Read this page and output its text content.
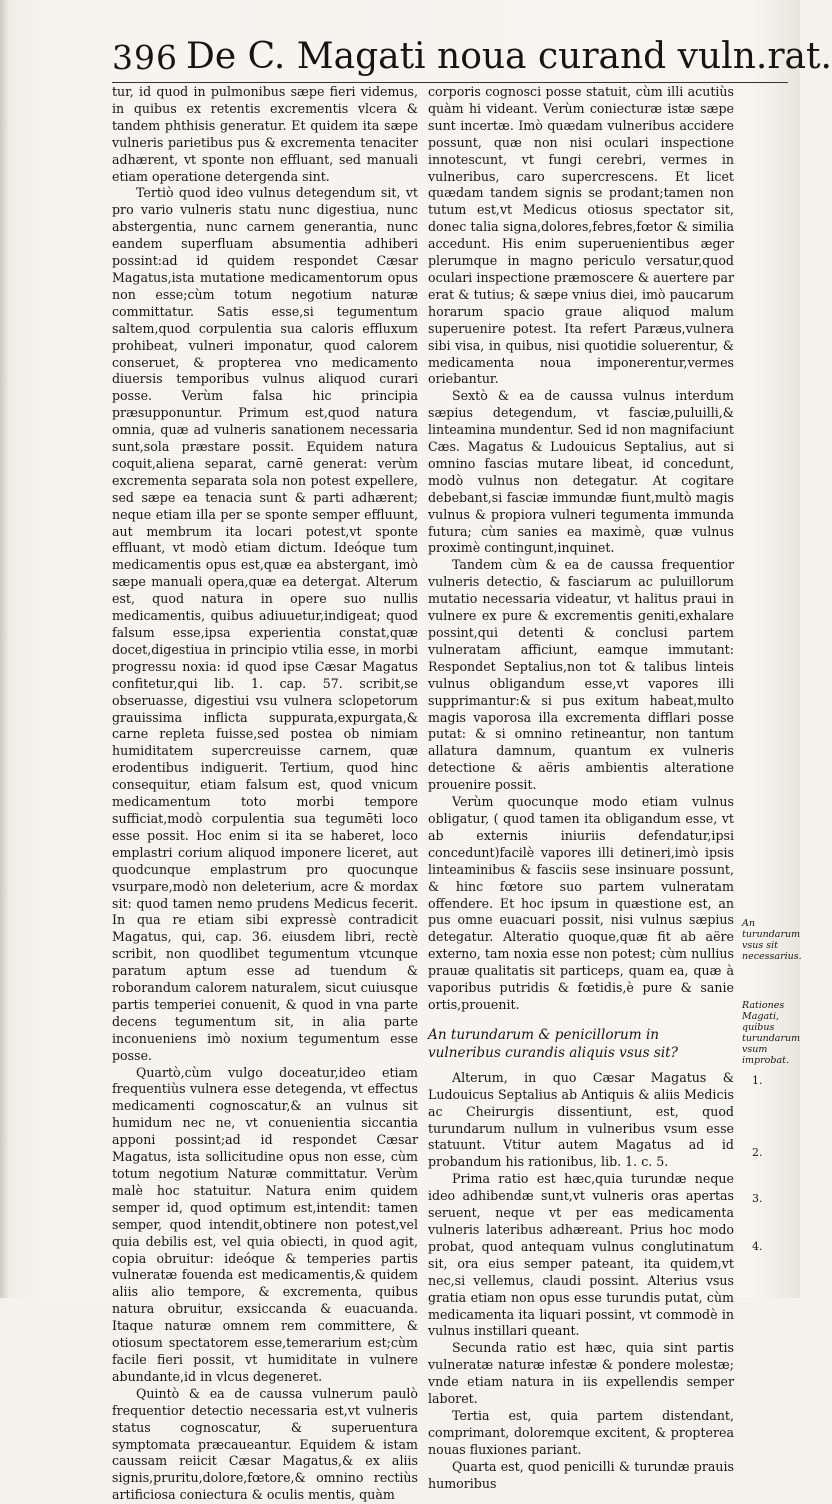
396 De C. Magati noua curand vuln.rat.

tur, id quod in pulmonibus sæpe fieri videmus, in quibus ex retentis excrementis vlcera & tandem phthisis generatur. Et quidem ita sæpe vulneris parietibus pus & excrementa tenaciter adhærent, vt sponte non effluant, sed manuali etiam operatione detergenda sint.

Tertiò quod ideo vulnus detegendum sit, vt pro vario vulneris statu nunc digestiua, nunc abstergentia, nunc carnem generantia, nunc eandem superfluam absumentia adhiberi possint:ad id quidem respondet Cæsar Magatus,ista mutatione medicamentorum opus non esse;cùm totum negotium naturæ committatur. Satis esse,si tegumentum saltem,quod corpulentia sua caloris effluxum prohibeat, vulneri imponatur, quod calorem conseruet, & propterea vno medicamento diuersis temporibus vulnus aliquod curari posse. Verùm falsa hic principia præsupponuntur. Primum est,quod natura omnia, quæ ad vulneris sanationem necessaria sunt,sola præstare possit. Equidem natura coquit,aliena separat, carnē generat: verùm excrementa separata sola non potest expellere, sed sæpe ea tenacia sunt & parti adhærent; neque etiam illa per se sponte semper effluunt, aut membrum ita locari potest,vt sponte effluant, vt modò etiam dictum. Ideóque tum medicamentis opus est,quæ ea abstergant, imò sæpe manuali opera,quæ ea detergat. Alterum est, quod natura in opere suo nullis medicamentis, quibus adiuuetur,indigeat; quod falsum esse,ipsa experientia constat,quæ docet,digestiua in principio vtilia esse, in morbi progressu noxia: id quod ipse Cæsar Magatus confitetur,qui lib. 1. cap. 57. scribit,se obseruasse, digestiui vsu vulnera sclopetorum grauissima inflicta suppurata,expurgata,& carne repleta fuisse,sed postea ob nimiam humiditatem supercreuisse carnem, quæ erodentibus indiguerit. Tertium, quod hinc consequitur, etiam falsum est, quod vnicum medicamentum toto morbi tempore sufficiat,modò corpulentia sua tegumēti loco esse possit. Hoc enim si ita se haberet, loco emplastri corium aliquod imponere liceret, aut quodcunque emplastrum pro quocunque vsurpare,modò non deleterium, acre & mordax sit: quod tamen nemo prudens Medicus fecerit. In qua re etiam sibi expressè contradicit Magatus, qui, cap. 36. eiusdem libri, rectè scribit, non quodlibet tegumentum vtcunque paratum aptum esse ad tuendum & roborandum calorem naturalem, sicut cuiusque partis temperiei conuenit, & quod in vna parte decens tegumentum sit, in alia parte inconueniens imò noxium tegumentum esse posse.

Quartò,cùm vulgo doceatur,ideo etiam frequentiùs vulnera esse detegenda, vt effectus medicamenti cognoscatur,& an vulnus sit humidum nec ne, vt conuenientia siccantia apponi possint;ad id respondet Cæsar Magatus, ista sollicitudine opus non esse, cùm totum negotium Naturæ committatur. Verùm malè hoc statuitur. Natura enim quidem semper id, quod optimum est,intendit: tamen semper, quod intendit,obtinere non potest,vel quia debilis est, vel quia obiecti, in quod agit, copia obruitur: ideóque & temperies partis vulneratæ fouenda est medicamentis,& quidem aliis alio tempore, & excrementa, quibus natura obruitur, exsiccanda & euacuanda. Itaque naturæ omnem rem committere, & otiosum spectatorem esse,temerarium est;cùm facile fieri possit, vt humiditate in vulnere abundante,id in vlcus degeneret.

Quintò & ea de caussa vulnerum paulò frequentior detectio necessaria est,vt vulneris status cognoscatur, & superuentura symptomata præcaueantur. Equidem & istam caussam reiicit Cæsar Magatus,& ex aliis signis,pruritu,dolore,fœtore,& omnino rectiùs artificiosa coniectura & oculis mentis, quàm

corporis cognosci posse statuit, cùm illi acutiùs quàm hi videant. Verùm coniecturæ istæ sæpe sunt incertæ. Imò quædam vulneribus accidere possunt, quæ non nisi oculari inspectione innotescunt, vt fungi cerebri, vermes in vulneribus, caro supercrescens. Et licet quædam tandem signis se prodant;tamen non tutum est,vt Medicus otiosus spectator sit, donec talia signa,dolores,febres,fœtor & similia accedunt. His enim superuenientibus æger plerumque in magno periculo versatur,quod oculari inspectione præmoscere & auertere par erat & tutius; & sæpe vnius diei, imò paucarum horarum spacio graue aliquod malum superuenire potest. Ita refert Paræus,vulnera sibi visa, in quibus, nisi quotidie soluerentur, & medicamenta noua imponerentur,vermes oriebantur.

Sextò & ea de caussa vulnus interdum sæpius detegendum, vt fasciæ,puluilli,& linteamina mundentur. Sed id non magnifaciunt Cæs. Magatus & Ludouicus Septalius, aut si omnino fascias mutare libeat, id concedunt, modò vulnus non detegatur. At cogitare debebant,si fasciæ immundæ fiunt,multò magis vulnus & propiora vulneri tegumenta immunda futura; cùm sanies ea maximè, quæ vulnus proximè contingunt,inquinet.

Tandem cùm & ea de caussa frequentior vulneris detectio, & fasciarum ac puluillorum mutatio necessaria videatur, vt halitus praui in vulnere ex pure & excrementis geniti,exhalare possint,qui detenti & conclusi partem vulneratam afficiunt, eamque immutant: Respondet Septalius,non tot & talibus linteis vulnus obligandum esse,vt vapores illi supprimantur:& si pus exitum habeat,multo magis vaporosa illa excrementa difflari posse putat: & si omnino retineantur, non tantum allatura damnum, quantum ex vulneris detectione & aëris ambientis alteratione prouenire possit.

Verùm quocunque modo etiam vulnus obligatur, ( quod tamen ita obligandum esse, vt ab externis iniuriis defendatur,ipsi concedunt)facilè vapores illi detineri,imò ipsis linteaminibus & fasciis sese insinuare possunt, & hinc fœtore suo partem vulneratam offendere. Et hoc ipsum in quæstione est, an pus omne euacuari possit, nisi vulnus sæpius detegatur. Alteratio quoque,quæ fit ab aëre externo, tam noxia esse non potest; cùm nullius prauæ qualitatis sit particeps, quam ea, quæ à vaporibus putridis & fœtidis,è pure & sanie ortis,prouenit.

An turundarum & penicillorum in vulneribus curandis aliquis vsus sit?

Alterum, in quo Cæsar Magatus & Ludouicus Septalius ab Antiquis & aliis Medicis ac Cheirurgis dissentiunt, est, quod turundarum nullum in vulneribus vsum esse statuunt. Vtitur autem Magatus ad id probandum his rationibus, lib. 1. c. 5.

Prima ratio est hæc,quia turundæ neque ideo adhibendæ sunt,vt vulneris oras apertas seruent, neque vt per eas medicamenta vulneris lateribus adhæreant. Prius hoc modo probat, quod antequam vulnus conglutinatum sit, ora eius semper pateant, ita quidem,vt nec,si vellemus, claudi possint. Alterius vsus gratia etiam non opus esse turundis putat, cùm medicamenta ita liquari possint, vt commodè in vulnus instillari queant.

Secunda ratio est hæc, quia sint partis vulneratæ naturæ infestæ & pondere molestæ; vnde etiam natura in iis expellendis semper laboret.

Tertia est, quia partem distendant, comprimant, doloremque excitent, & propterea nouas fluxiones pariant.

Quarta est, quod penicilli & turundæ prauis humoribus

An turundarum vsus sit necessarius.
Rationes Magati, quibus turundarum vsum improbat.
1.
2.
3.
4.
